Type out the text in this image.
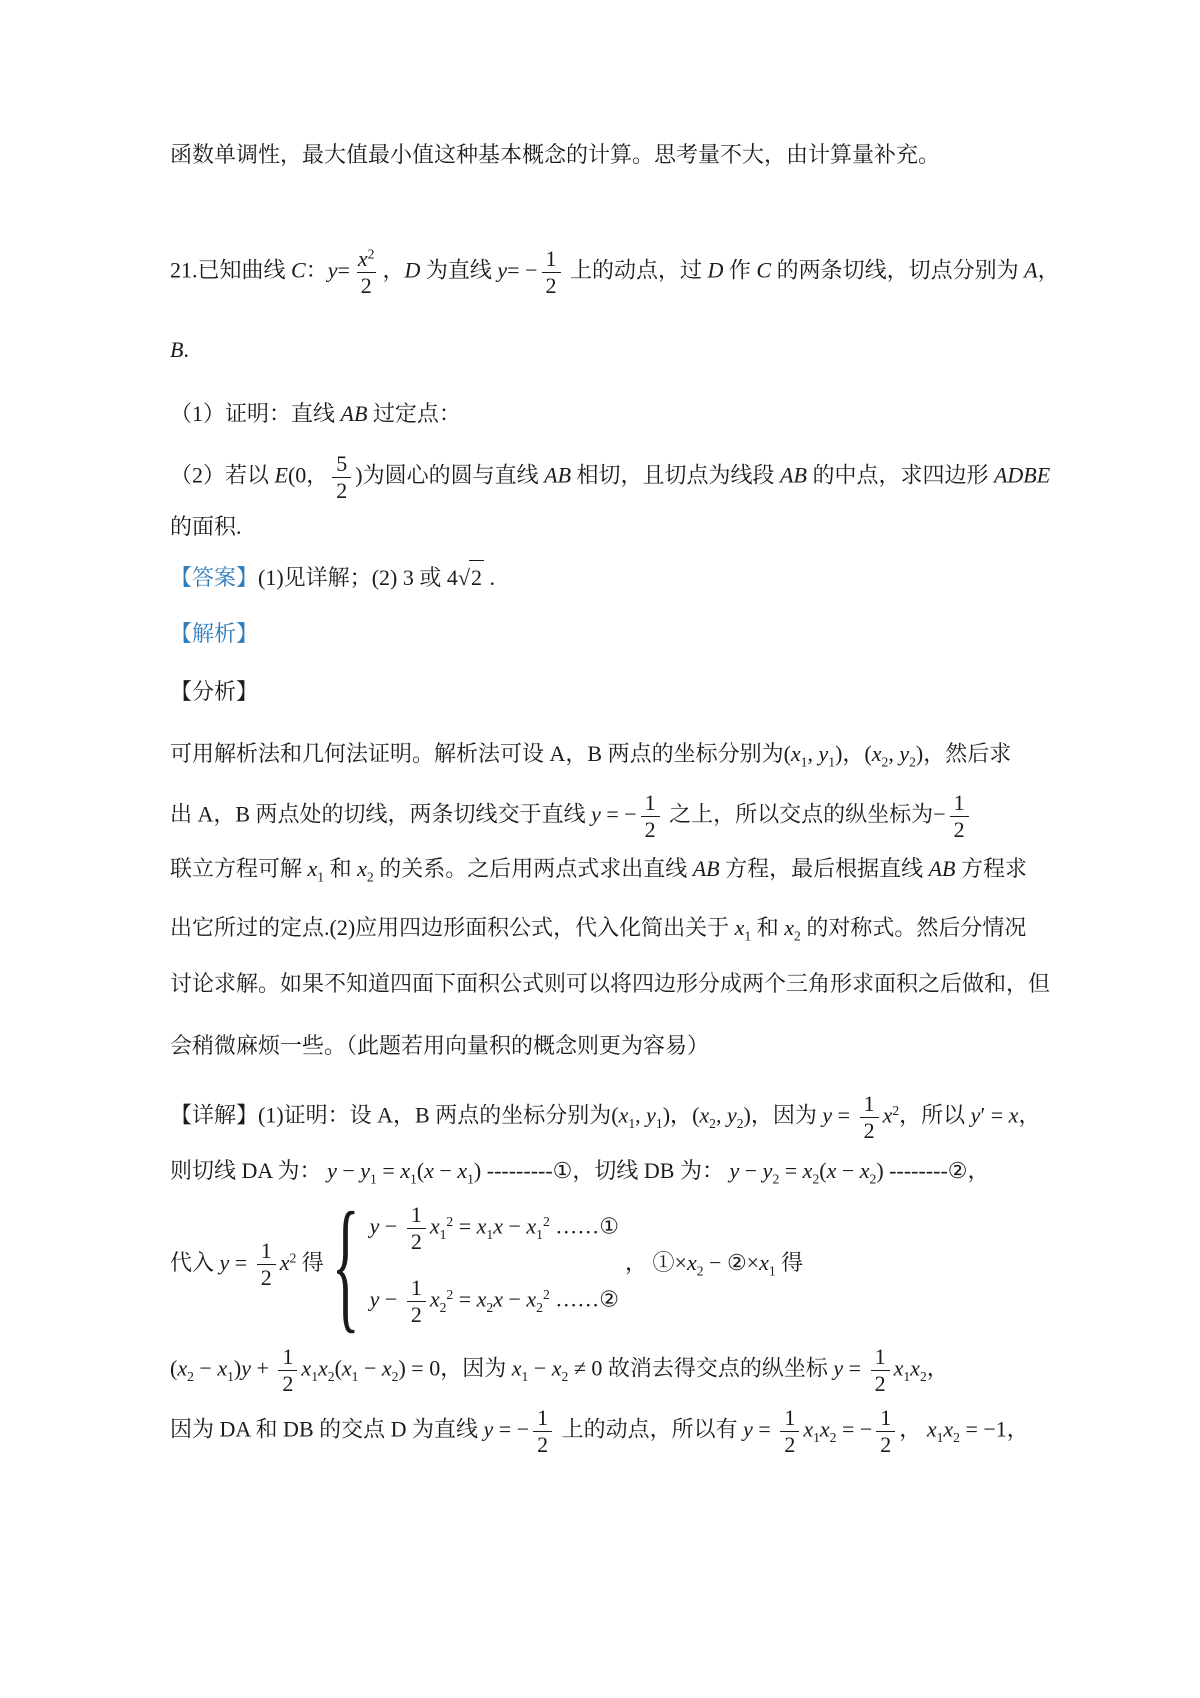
函数单调性，最大值最小值这种基本概念的计算。思考量不大，由计算量补充。
21.已知曲线 C：$y= \frac{x^2}{2}$ ，D 为直线 $y= - \frac{1}{2}$ 上的动点，过 D 作 C 的两条切线，切点分别为 A，
B.
（1）证明：直线 AB 过定点：
（2）若以 E(0， $\frac{5}{2}$ )为圆心的圆与直线 AB 相切，且切点为线段 AB 的中点，求四边形 ADBE
的面积.
【答案】(1)见详解；(2) 3 或 4 √ 2 .
【解析】
【分析】
可用解析法和几何法证明。解析法可设 A，B 两点的坐标分别为($x_1$, $y_1$)，($x_2$, $y_2$)，然后求
出 A，B 两点处的切线，两条切线交于直线 y = − $\frac{1}{2}$ 之上，所以交点的纵坐标为− $\frac{1}{2}$
联立方程可解 $x_1$ 和 $x_2$ 的关系。之后用两点式求出直线 AB 方程，最后根据直线 AB 方程求
出它所过的定点.(2)应用四边形面积公式，代入化简出关于 $x_1$ 和 $x_2$ 的对称式。然后分情况
讨论求解。如果不知道四面下面积公式则可以将四边形分成两个三角形求面积之后做和，但
会稍微麻烦一些。（此题若用向量积的概念则更为容易）
【详解】(1)证明：设 A，B 两点的坐标分别为($x_1$, $y_1$)，($x_2$, $y_2$)，因为 $y = \frac{1}{2} x^2$，所以 y′ = x，
则切线 DA 为： $y - y_1 = x_1(x - x_1)$ ---------①，切线 DB 为： $y - y_2 = x_2(x - x_2)$ --------②，
代入 $y = \frac{1}{2} x^2$ 得 { $y - \frac{1}{2} x_1^2 = x_1x - x_1^2$ ……①
$y - \frac{1}{2} x_2^2 = x_2x - x_2^2$ ……②
， $①\times x_2$ − $②\times x_1$ 得
$(x_2 - x_1)y + \frac{1}{2} x_1x_2(x_1 - x_2) = 0$，因为 $x_1 - x_2 \ne 0$ 故消去得交点的纵坐标 $y = \frac{1}{2} x_1x_2$，
因为 DA 和 DB 的交点 D 为直线 y = − $\frac{1}{2}$ 上的动点，所以有 $y = \frac{1}{2} x_1x_2$ = − $\frac{1}{2}$ ， $x_1x_2 = -1$，
